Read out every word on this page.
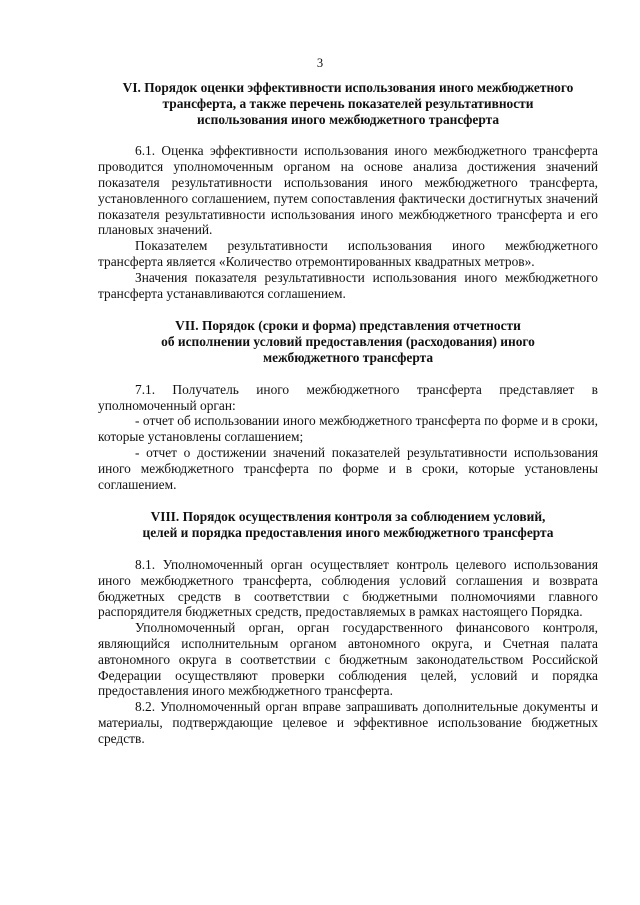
3

VI. Порядок оценки эффективности использования иного межбюджетного
трансферта, а также перечень показателей результативности
использования иного межбюджетного трансферта

6.1. Оценка эффективности использования иного межбюджетного трансферта проводится уполномоченным органом на основе анализа достижения значений показателя результативности использования иного межбюджетного трансферта, установленного соглашением, путем сопоставления фактически достигнутых значений показателя результативности использования иного межбюджетного трансферта и его плановых значений.

Показателем результативности использования иного межбюджетного трансферта является «Количество отремонтированных квадратных метров».

Значения показателя результативности использования иного межбюджетного трансферта устанавливаются соглашением.

VII. Порядок (сроки и форма) представления отчетности
об исполнении условий предоставления (расходования) иного
межбюджетного трансферта

7.1. Получатель иного межбюджетного трансферта представляет в уполномоченный орган:

- отчет об использовании иного межбюджетного трансферта по форме и в сроки, которые установлены соглашением;

- отчет о достижении значений показателей результативности использования иного межбюджетного трансферта по форме и в сроки, которые установлены соглашением.

VIII. Порядок осуществления контроля за соблюдением условий,
целей и порядка предоставления иного межбюджетного трансферта

8.1. Уполномоченный орган осуществляет контроль целевого использования иного межбюджетного трансферта, соблюдения условий соглашения и возврата бюджетных средств в соответствии с бюджетными полномочиями главного распорядителя бюджетных средств, предоставляемых в рамках настоящего Порядка.

Уполномоченный орган, орган государственного финансового контроля, являющийся исполнительным органом автономного округа, и Счетная палата автономного округа в соответствии с бюджетным законодательством Российской Федерации осуществляют проверки соблюдения целей, условий и порядка предоставления иного межбюджетного трансферта.

8.2. Уполномоченный орган вправе запрашивать дополнительные документы и материалы, подтверждающие целевое и эффективное использование бюджетных средств.
